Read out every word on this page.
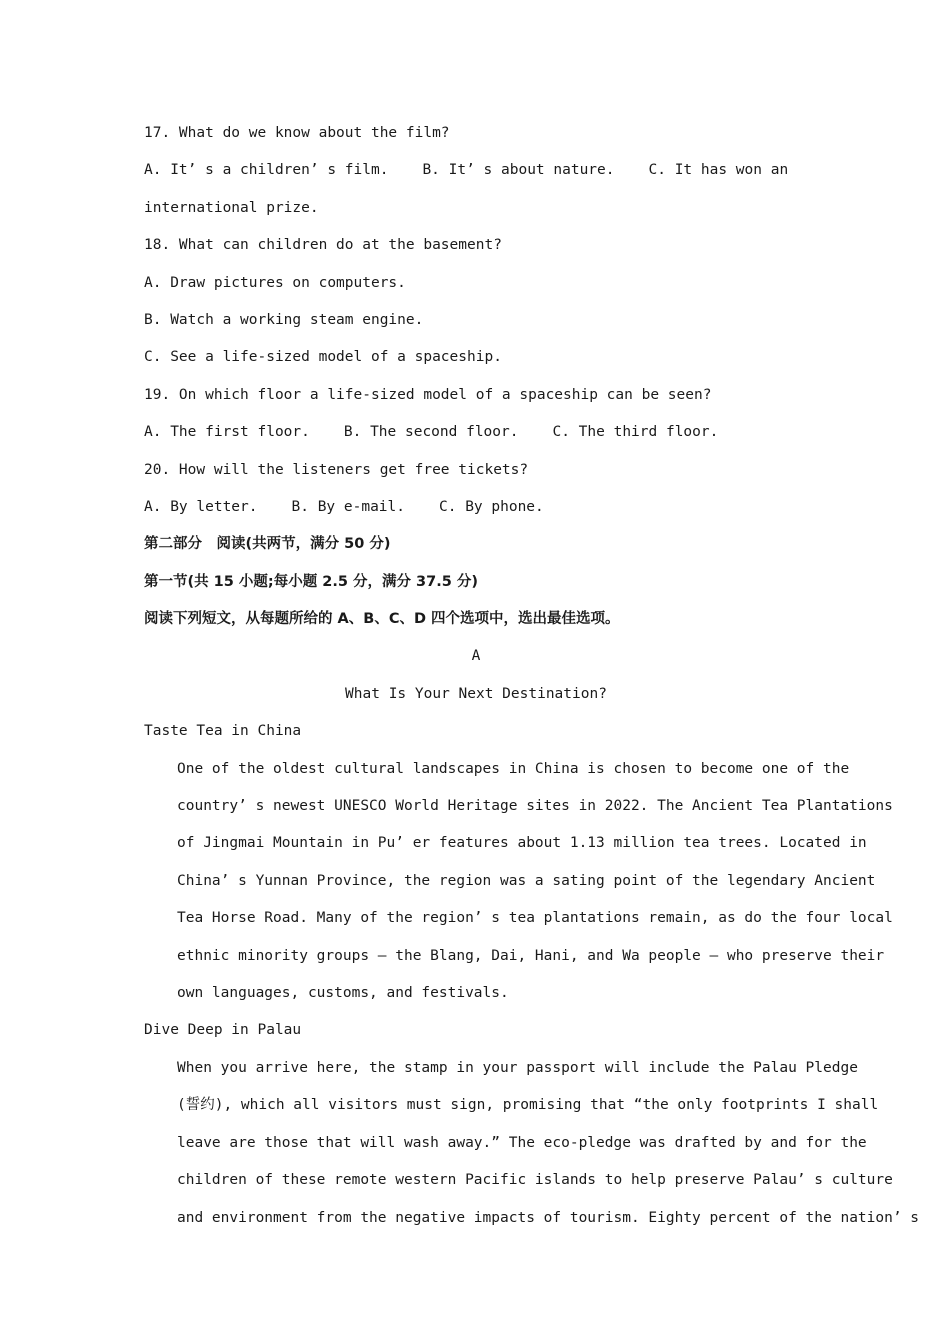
17. What do we know about the film?
A. It’ s a children’ s film. B. It’ s about nature. C. It has won an
international prize.
18. What can children do at the basement?
A. Draw pictures on computers.
B. Watch a working steam engine.
C. See a life-sized model of a spaceship.
19. On which floor a life-sized model of a spaceship can be seen?
A. The first floor. B. The second floor. C. The third floor.
20. How will the listeners get free tickets?
A. By letter. B. By e-mail. C. By phone.
第二部分　阅读(共两节，满分 50 分)
第一节(共 15 小题;每小题 2.5 分，满分 37.5 分)
阅读下列短文，从每题所给的 A、B、C、D 四个选项中，选出最佳选项。
A
What Is Your Next Destination?
Taste Tea in China
One of the oldest cultural landscapes in China is chosen to become one of the
country’ s newest UNESCO World Heritage sites in 2022. The Ancient Tea Plantations
of Jingmai Mountain in Pu’ er features about 1.13 million tea trees. Located in
China’ s Yunnan Province, the region was a sating point of the legendary Ancient
Tea Horse Road. Many of the region’ s tea plantations remain, as do the four local
ethnic minority groups — the Blang, Dai, Hani, and Wa people — who preserve their
own languages, customs, and festivals.
Dive Deep in Palau
When you arrive here, the stamp in your passport will include the Palau Pledge
(誓约), which all visitors must sign, promising that “the only footprints I shall
leave are those that will wash away.” The eco-pledge was drafted by and for the
children of these remote western Pacific islands to help preserve Palau’ s culture
and environment from the negative impacts of tourism. Eighty percent of the nation’ s
